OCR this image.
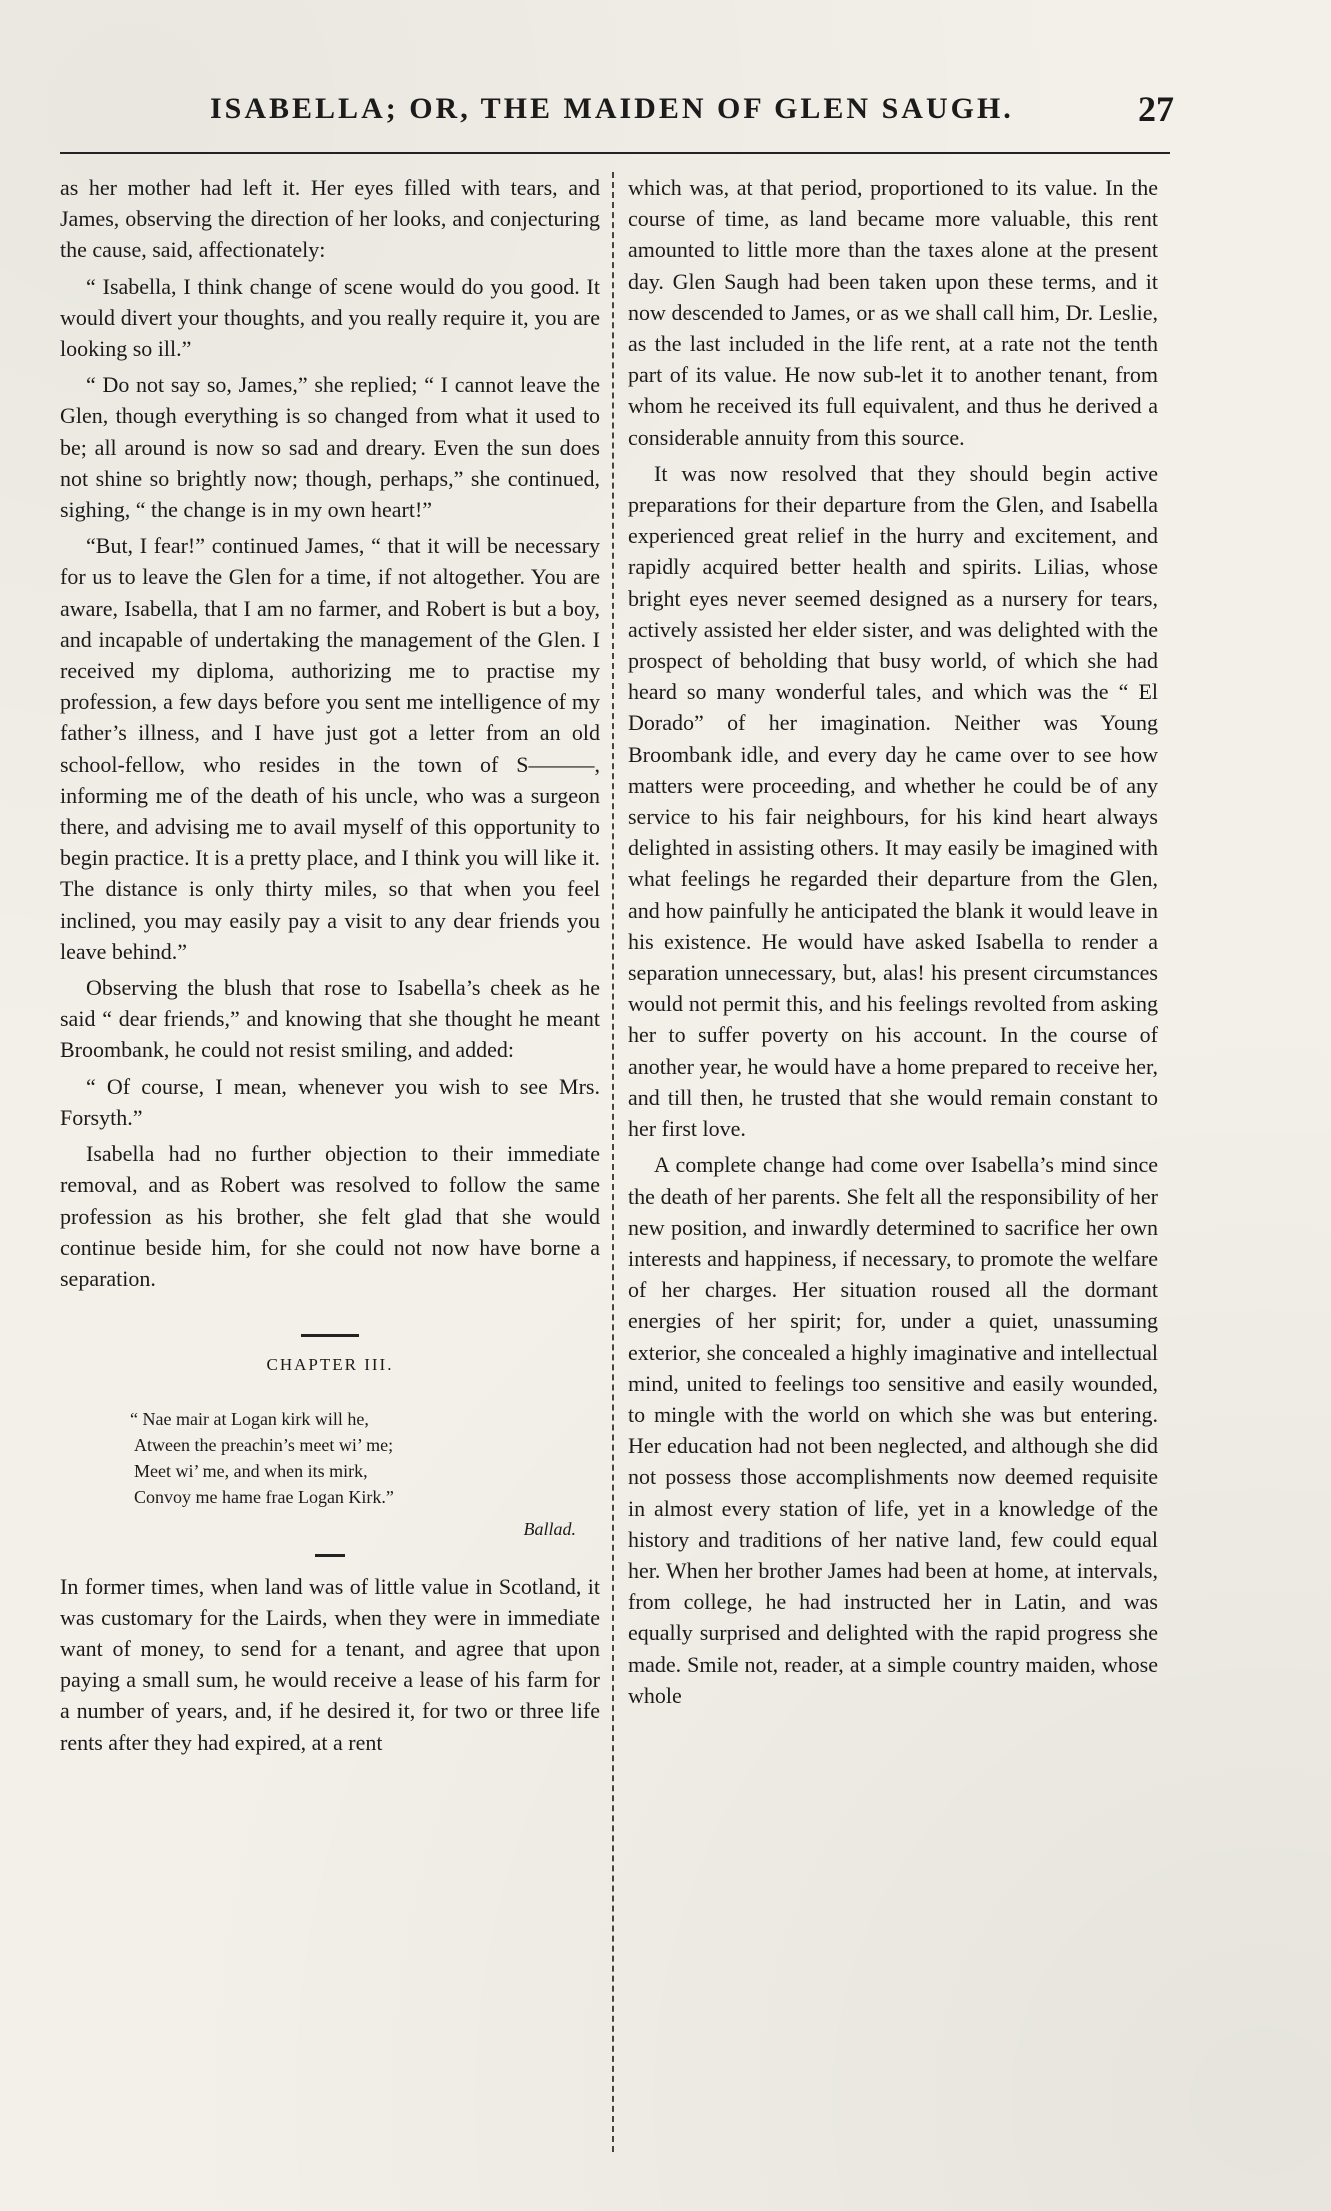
ISABELLA; OR, THE MAIDEN OF GLEN SAUGH.	27

as her mother had left it. Her eyes filled with tears, and James, observing the direction of her looks, and conjecturing the cause, said, affectionately:

“ Isabella, I think change of scene would do you good. It would divert your thoughts, and you really require it, you are looking so ill.”

“ Do not say so, James,” she replied; “ I cannot leave the Glen, though everything is so changed from what it used to be; all around is now so sad and dreary. Even the sun does not shine so brightly now; though, perhaps,” she continued, sighing, “ the change is in my own heart!”

“But, I fear!” continued James, “ that it will be necessary for us to leave the Glen for a time, if not altogether. You are aware, Isabella, that I am no farmer, and Robert is but a boy, and incapable of undertaking the management of the Glen. I received my diploma, authorizing me to practise my profession, a few days before you sent me intelligence of my father’s illness, and I have just got a letter from an old school-fellow, who resides in the town of S———, informing me of the death of his uncle, who was a surgeon there, and advising me to avail myself of this opportunity to begin practice. It is a pretty place, and I think you will like it. The distance is only thirty miles, so that when you feel inclined, you may easily pay a visit to any dear friends you leave behind.”

Observing the blush that rose to Isabella’s cheek as he said “ dear friends,” and knowing that she thought he meant Broombank, he could not resist smiling, and added:

“ Of course, I mean, whenever you wish to see Mrs. Forsyth.”

Isabella had no further objection to their immediate removal, and as Robert was resolved to follow the same profession as his brother, she felt glad that she would continue beside him, for she could not now have borne a separation.

CHAPTER III.
“ Nae mair at Logan kirk will he,
Atween the preachin’s meet wi’ me;
Meet wi’ me, and when its mirk,
Convoy me hame frae Logan Kirk.”
Ballad.

In former times, when land was of little value in Scotland, it was customary for the Lairds, when they were in immediate want of money, to send for a tenant, and agree that upon paying a small sum, he would receive a lease of his farm for a number of years, and, if he desired it, for two or three life rents after they had expired, at a rent

which was, at that period, proportioned to its value. In the course of time, as land became more valuable, this rent amounted to little more than the taxes alone at the present day. Glen Saugh had been taken upon these terms, and it now descended to James, or as we shall call him, Dr. Leslie, as the last included in the life rent, at a rate not the tenth part of its value. He now sub-let it to another tenant, from whom he received its full equivalent, and thus he derived a considerable annuity from this source.

It was now resolved that they should begin active preparations for their departure from the Glen, and Isabella experienced great relief in the hurry and excitement, and rapidly acquired better health and spirits. Lilias, whose bright eyes never seemed designed as a nursery for tears, actively assisted her elder sister, and was delighted with the prospect of beholding that busy world, of which she had heard so many wonderful tales, and which was the “ El Dorado” of her imagination. Neither was Young Broombank idle, and every day he came over to see how matters were proceeding, and whether he could be of any service to his fair neighbours, for his kind heart always delighted in assisting others. It may easily be imagined with what feelings he regarded their departure from the Glen, and how painfully he anticipated the blank it would leave in his existence. He would have asked Isabella to render a separation unnecessary, but, alas! his present circumstances would not permit this, and his feelings revolted from asking her to suffer poverty on his account. In the course of another year, he would have a home prepared to receive her, and till then, he trusted that she would remain constant to her first love.

A complete change had come over Isabella’s mind since the death of her parents. She felt all the responsibility of her new position, and inwardly determined to sacrifice her own interests and happiness, if necessary, to promote the welfare of her charges. Her situation roused all the dormant energies of her spirit; for, under a quiet, unassuming exterior, she concealed a highly imaginative and intellectual mind, united to feelings too sensitive and easily wounded, to mingle with the world on which she was but entering. Her education had not been neglected, and although she did not possess those accomplishments now deemed requisite in almost every station of life, yet in a knowledge of the history and traditions of her native land, few could equal her. When her brother James had been at home, at intervals, from college, he had instructed her in Latin, and was equally surprised and delighted with the rapid progress she made. Smile not, reader, at a simple country maiden, whose whole
